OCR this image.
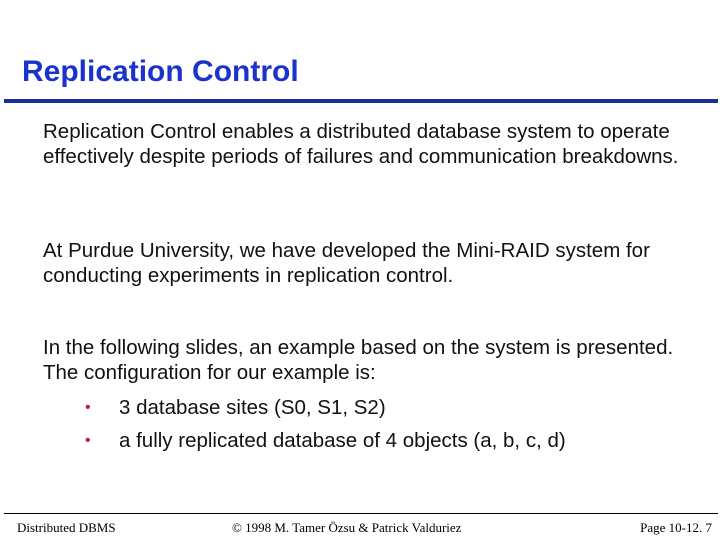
Replication Control
Replication Control enables a distributed database system to operate effectively despite periods of failures and communication breakdowns.
At Purdue University, we have developed the Mini-RAID system for conducting experiments in replication control.
In the following slides, an example based on the system is presented. The configuration for our example is:
•	3 database sites (S0, S1, S2)
•	a fully replicated database of 4 objects (a, b, c, d)
Distributed DBMS	© 1998 M. Tamer Özsu & Patrick Valduriez	Page 10-12. 7
